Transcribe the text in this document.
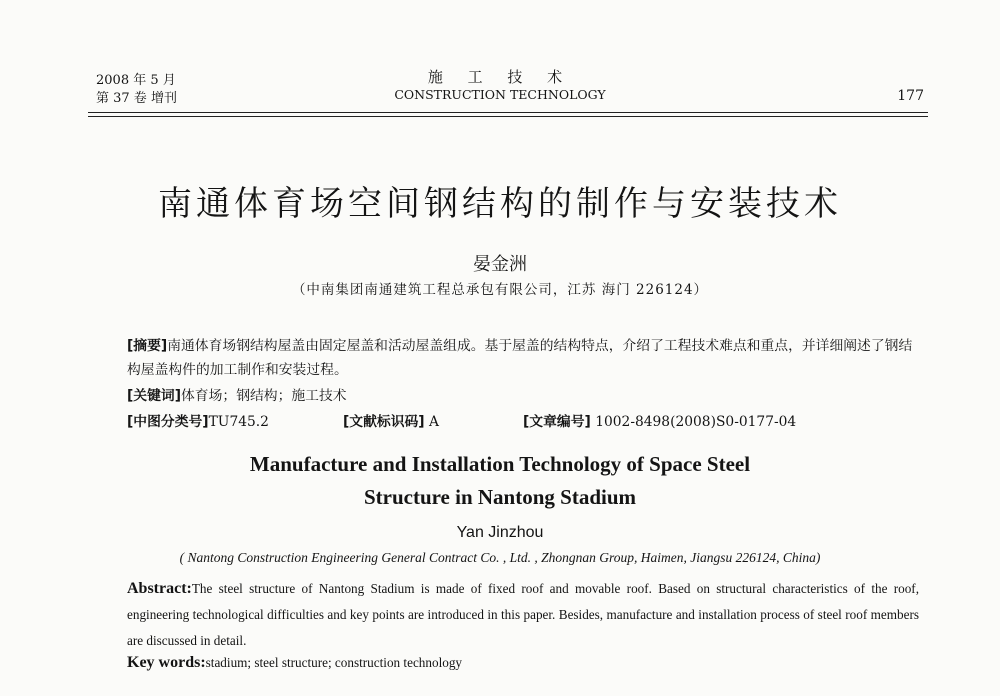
2008 年 5 月
第 37 卷 增刊
施 工 技 术
CONSTRUCTION TECHNOLOGY	177
南通体育场空间钢结构的制作与安装技术
晏金洲
（中南集团南通建筑工程总承包有限公司，江苏 海门 226124）
[摘要]南通体育场钢结构屋盖由固定屋盖和活动屋盖组成。基于屋盖的结构特点，介绍了工程技术难点和重点，并详细阐述了钢结构屋盖构件的加工制作和安装过程。
[关键词]体育场；钢结构；施工技术
[中图分类号]TU745.2	[文献标识码] A	[文章编号] 1002-8498(2008)S0-0177-04
Manufacture and Installation Technology of Space Steel
Structure in Nantong Stadium
Yan Jinzhou
( Nantong Construction Engineering General Contract Co. , Ltd. , Zhongnan Group, Haimen, Jiangsu 226124, China)
Abstract:The steel structure of Nantong Stadium is made of fixed roof and movable roof. Based on structural characteristics of the roof, engineering technological difficulties and key points are introduced in this paper. Besides, manufacture and installation process of steel roof members are discussed in detail.
Key words:stadium; steel structure; construction technology
